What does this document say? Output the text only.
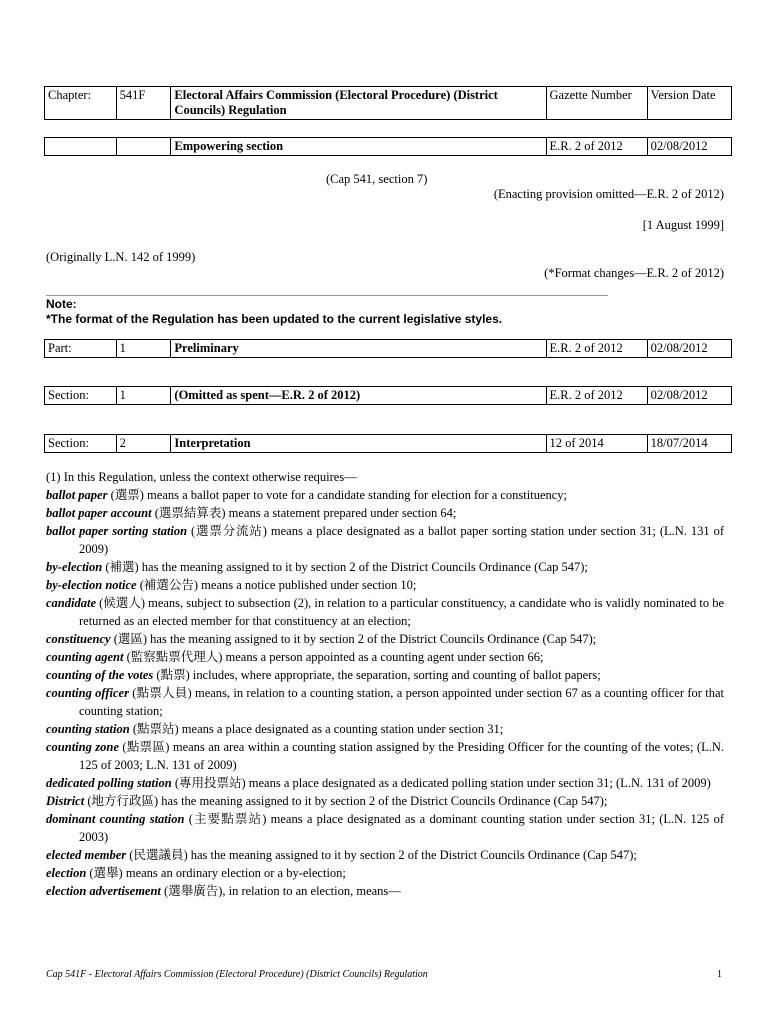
Chapter:	541F	Electoral Affairs Commission (Electoral Procedure) (District Councils) Regulation	Gazette Number	Version Date
		Empowering section	E.R. 2 of 2012	02/08/2012
(Cap 541, section 7)
(Enacting provision omitted—E.R. 2 of 2012)
[1 August 1999]
(Originally L.N. 142 of 1999)
(*Format changes—E.R. 2 of 2012)
Note:
*The format of the Regulation has been updated to the current legislative styles.
Part:	1	Preliminary	E.R. 2 of 2012	02/08/2012
Section:	1	(Omitted as spent—E.R. 2 of 2012)	E.R. 2 of 2012	02/08/2012
Section:	2	Interpretation	12 of 2014	18/07/2014

(1) In this Regulation, unless the context otherwise requires—

ballot paper (選票) means a ballot paper to vote for a candidate standing for election for a constituency;

ballot paper account (選票結算表) means a statement prepared under section 64;

ballot paper sorting station (選票分流站) means a place designated as a ballot paper sorting station under section 31; (L.N. 131 of 2009)

by-election (補選) has the meaning assigned to it by section 2 of the District Councils Ordinance (Cap 547);

by-election notice (補選公告) means a notice published under section 10;

candidate (候選人) means, subject to subsection (2), in relation to a particular constituency, a candidate who is validly nominated to be returned as an elected member for that constituency at an election;

constituency (選區) has the meaning assigned to it by section 2 of the District Councils Ordinance (Cap 547);

counting agent (監察點票代理人) means a person appointed as a counting agent under section 66;

counting of the votes (點票) includes, where appropriate, the separation, sorting and counting of ballot papers;

counting officer (點票人員) means, in relation to a counting station, a person appointed under section 67 as a counting officer for that counting station;

counting station (點票站) means a place designated as a counting station under section 31;

counting zone (點票區) means an area within a counting station assigned by the Presiding Officer for the counting of the votes; (L.N. 125 of 2003; L.N. 131 of 2009)

dedicated polling station (專用投票站) means a place designated as a dedicated polling station under section 31; (L.N. 131 of 2009)

District (地方行政區) has the meaning assigned to it by section 2 of the District Councils Ordinance (Cap 547);

dominant counting station (主要點票站) means a place designated as a dominant counting station under section 31; (L.N. 125 of 2003)

elected member (民選議員) has the meaning assigned to it by section 2 of the District Councils Ordinance (Cap 547);

election (選舉) means an ordinary election or a by-election;

election advertisement (選舉廣告), in relation to an election, means—

Cap 541F - Electoral Affairs Commission (Electoral Procedure) (District Councils) Regulation	1
